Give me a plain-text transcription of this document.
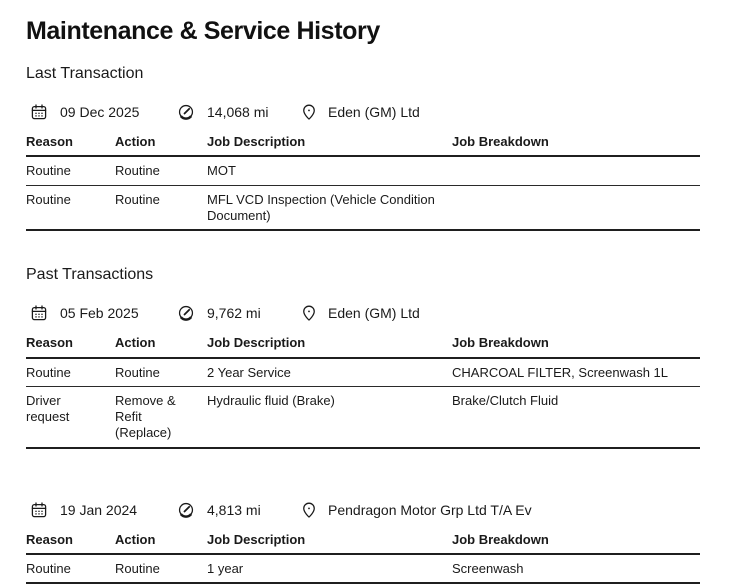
Maintenance & Service History
Last Transaction
09 Dec 2025	14,068 mi	Eden (GM) Ltd
Reason	Action	Job Description	Job Breakdown
Routine	Routine	MOT	
Routine	Routine	MFL VCD Inspection (Vehicle Condition Document)	
Past Transactions
05 Feb 2025	9,762 mi	Eden (GM) Ltd
Reason	Action	Job Description	Job Breakdown
Routine	Routine	2 Year Service	CHARCOAL FILTER, Screenwash 1L
Driver request	Remove & Refit (Replace)	Hydraulic fluid (Brake)	Brake/Clutch Fluid
19 Jan 2024	4,813 mi	Pendragon Motor Grp Ltd T/A Ev
Reason	Action	Job Description	Job Breakdown
Routine	Routine	1 year	Screenwash
